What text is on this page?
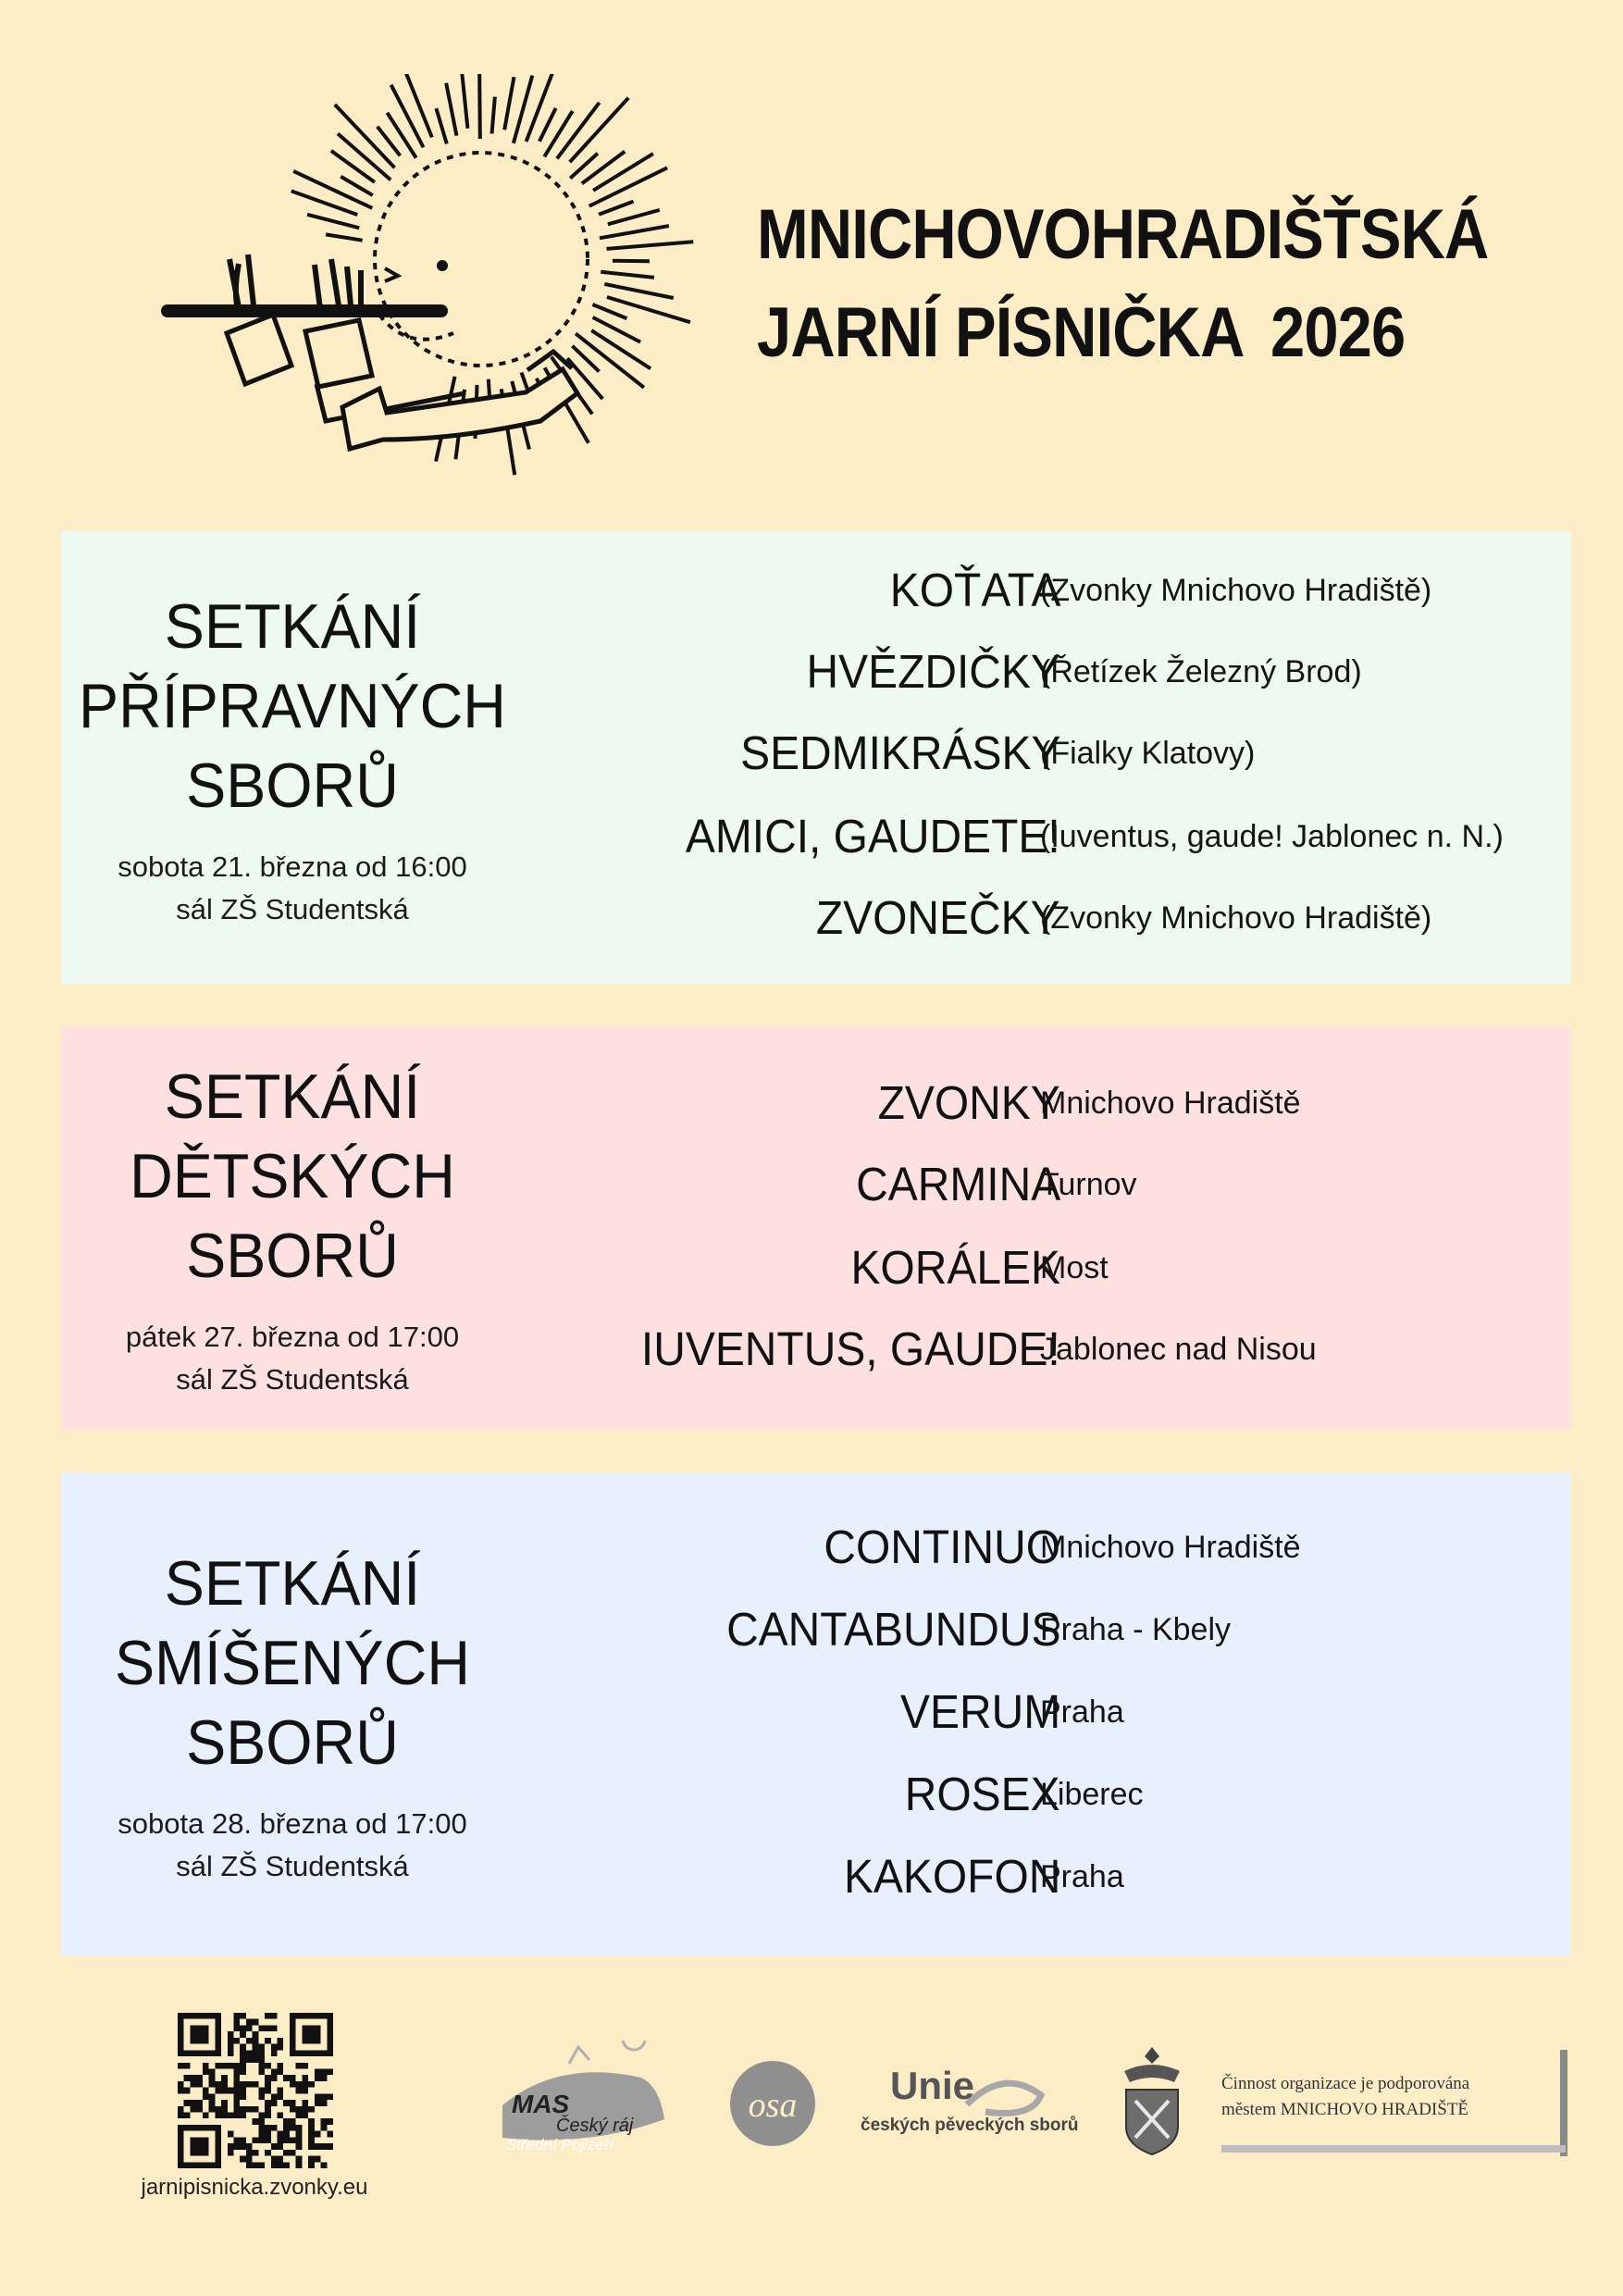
MNICHOVOHRADIŠŤSKÁ
JARNÍ PÍSNIČKA 2026
SETKÁNÍ
PŘÍPRAVNÝCH
SBORŮ
sobota 21. března od 16:00
sál ZŠ Studentská
KOŤATA
(Zvonky Mnichovo Hradiště)
HVĚZDIČKY
(Řetízek Železný Brod)
SEDMIKRÁSKY
(Fialky Klatovy)
AMICI, GAUDETE!
(Iuventus, gaude! Jablonec n. N.)
ZVONEČKY
(Zvonky Mnichovo Hradiště)
SETKÁNÍ
DĚTSKÝCH
SBORŮ
pátek 27. března od 17:00
sál ZŠ Studentská
ZVONKY
Mnichovo Hradiště
CARMINA
Turnov
KORÁLEK
Most
IUVENTUS, GAUDE!
Jablonec nad Nisou
SETKÁNÍ
SMÍŠENÝCH
SBORŮ
sobota 28. března od 17:00
sál ZŠ Studentská
CONTINUO
Mnichovo Hradiště
CANTABUNDUS
Praha - Kbely
VERUM
Praha
ROSEX
Liberec
KAKOFON
Praha
jarnipisnicka.zvonky.eu
MAS
Český ráj
Střední Pojizeří
osa Unie
českých pěveckých sborů
Činnost organizace je podporována
městem MNICHOVO HRADIŠTĚ
